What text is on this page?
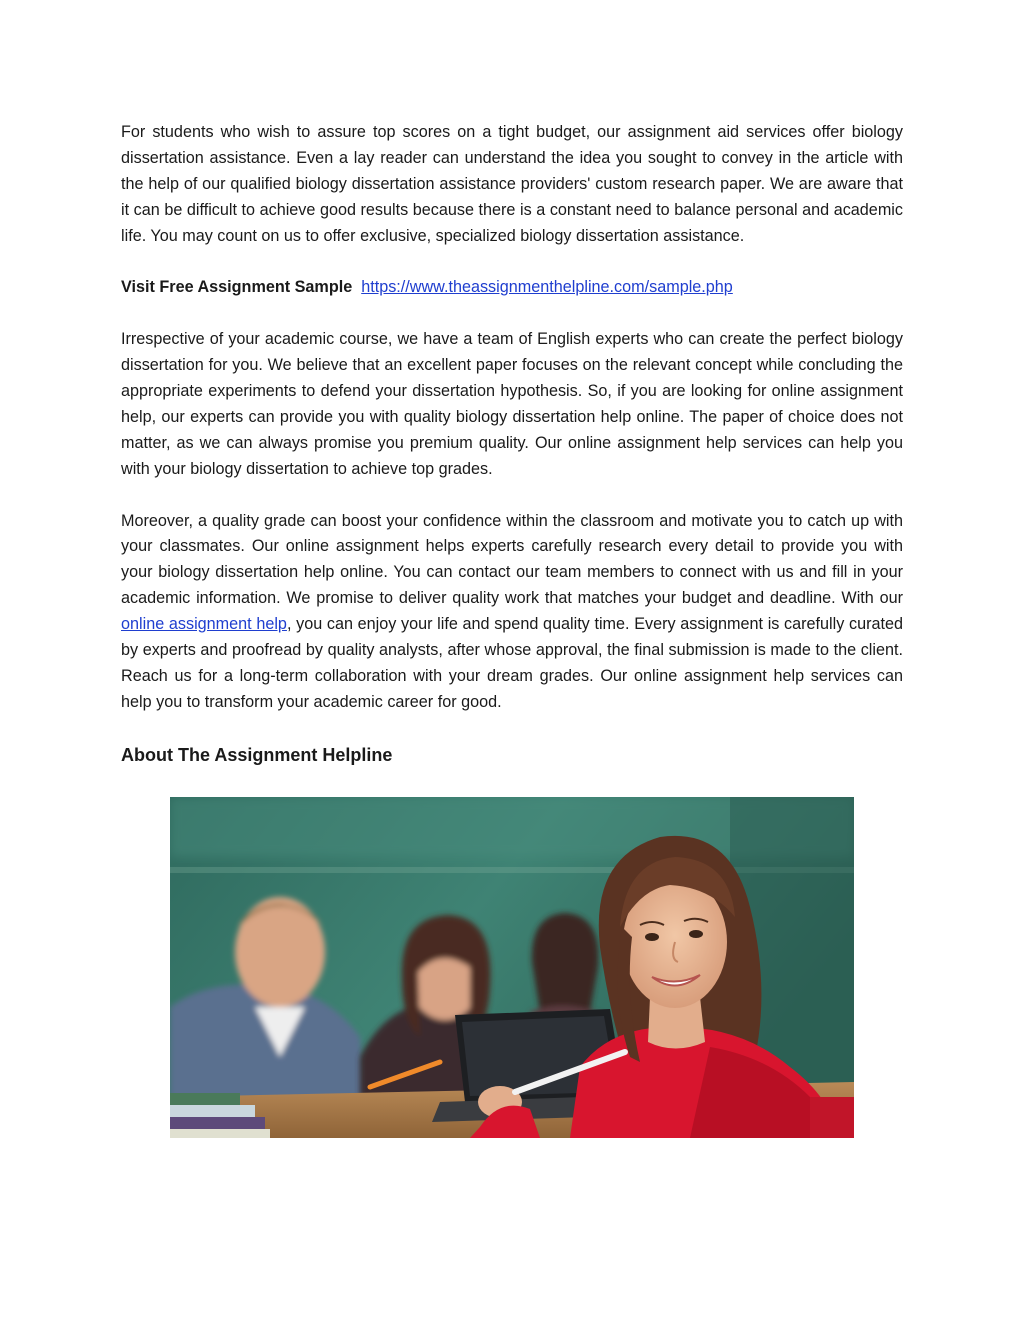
For students who wish to assure top scores on a tight budget, our assignment aid services offer biology dissertation assistance. Even a lay reader can understand the idea you sought to convey in the article with the help of our qualified biology dissertation assistance providers' custom research paper. We are aware that it can be difficult to achieve good results because there is a constant need to balance personal and academic life. You may count on us to offer exclusive, specialized biology dissertation assistance.

Visit Free Assignment Sample https://www.theassignmenthelpline.com/sample.php

Irrespective of your academic course, we have a team of English experts who can create the perfect biology dissertation for you. We believe that an excellent paper focuses on the relevant concept while concluding the appropriate experiments to defend your dissertation hypothesis. So, if you are looking for online assignment help, our experts can provide you with quality biology dissertation help online. The paper of choice does not matter, as we can always promise you premium quality. Our online assignment help services can help you with your biology dissertation to achieve top grades.

Moreover, a quality grade can boost your confidence within the classroom and motivate you to catch up with your classmates. Our online assignment helps experts carefully research every detail to provide you with your biology dissertation help online. You can contact our team members to connect with us and fill in your academic information. We promise to deliver quality work that matches your budget and deadline. With our online assignment help, you can enjoy your life and spend quality time. Every assignment is carefully curated by experts and proofread by quality analysts, after whose approval, the final submission is made to the client. Reach us for a long-term collaboration with your dream grades. Our online assignment help services can help you to transform your academic career for good.

About The Assignment Helpline
